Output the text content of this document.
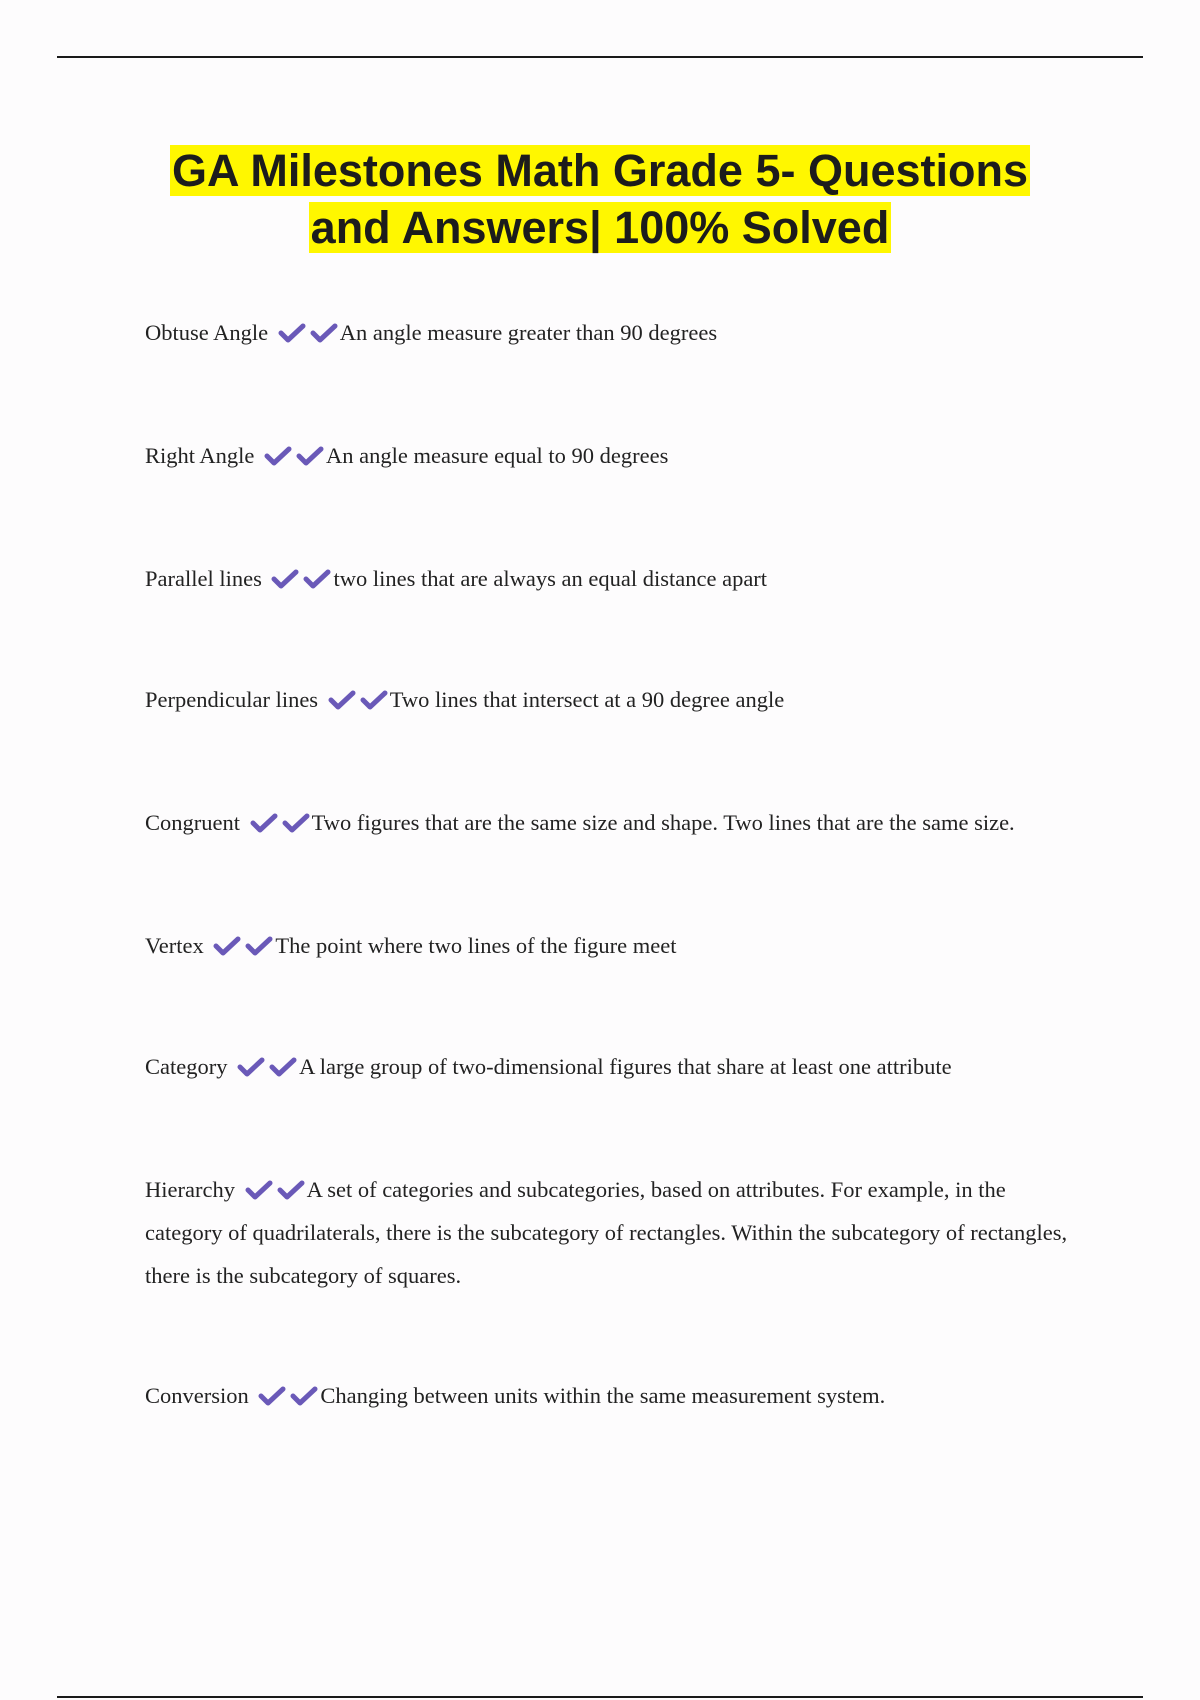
GA Milestones Math Grade 5- Questions
and Answers| 100% Solved

Obtuse Angle	An angle measure greater than 90 degrees

Right Angle	An angle measure equal to 90 degrees

Parallel lines	two lines that are always an equal distance apart

Perpendicular lines	Two lines that intersect at a 90 degree angle

Congruent	Two figures that are the same size and shape. Two lines that are the same size.

Vertex	The point where two lines of the figure meet

Category	A large group of two-dimensional figures that share at least one attribute

Hierarchy	A set of categories and subcategories, based on attributes. For example, in the category of quadrilaterals, there is the subcategory of rectangles. Within the subcategory of rectangles, there is the subcategory of squares.

Conversion	Changing between units within the same measurement system.
